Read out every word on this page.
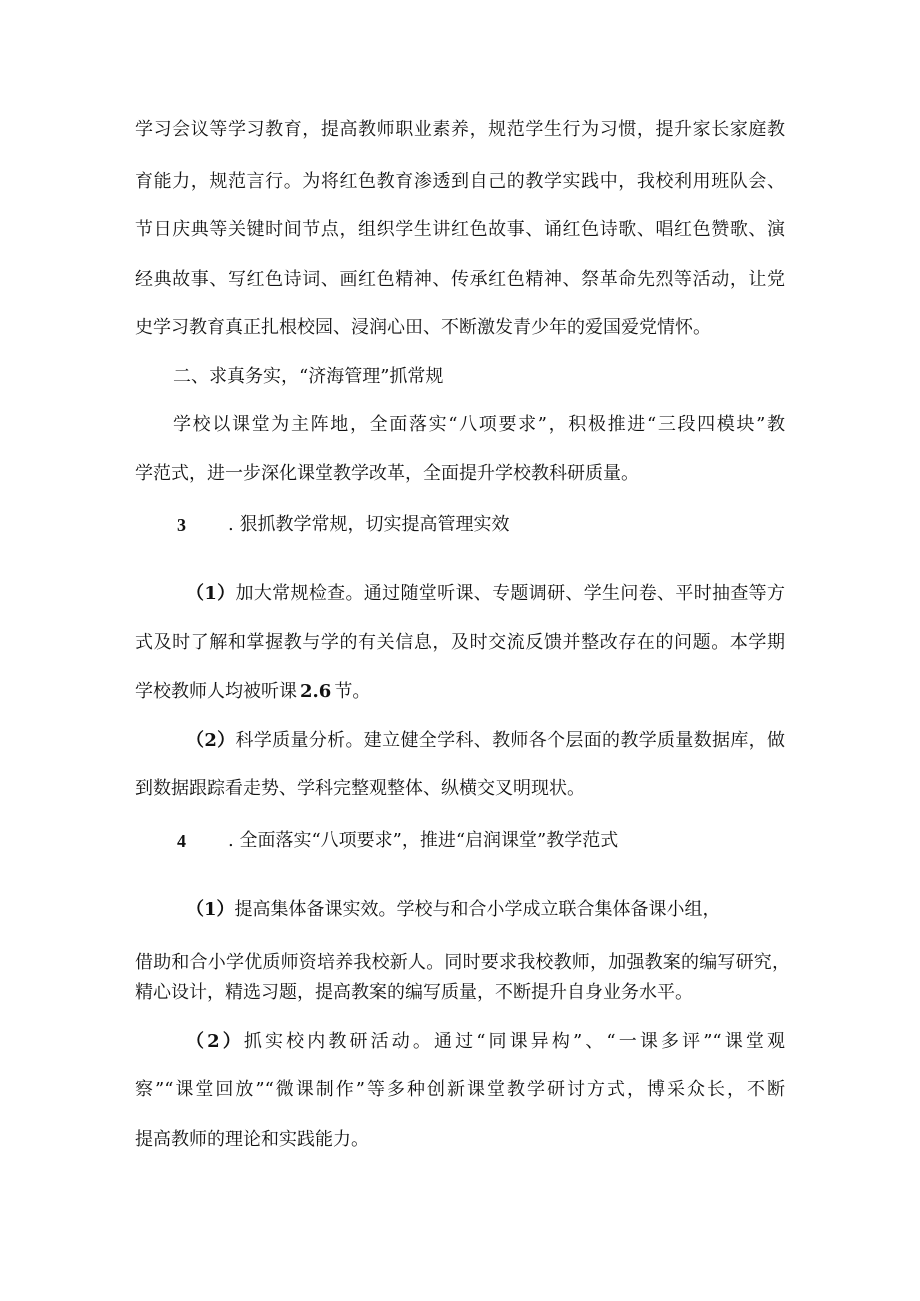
学习会议等学习教育，提高教师职业素养，规范学生行为习惯，提升家长家庭教
育能力，规范言行。为将红色教育渗透到自己的教学实践中，我校利用班队会、
节日庆典等关键时间节点，组织学生讲红色故事、诵红色诗歌、唱红色赞歌、演
经典故事、写红色诗词、画红色精神、传承红色精神、祭革命先烈等活动，让党
史学习教育真正扎根校园、浸润心田、不断激发青少年的爱国爱党情怀。
二、求真务实，“济海管理”抓常规
学校以课堂为主阵地，全面落实“八项要求”，积极推进“三段四模块”教
学范式，进一步深化课堂教学改革，全面提升学校教科研质量。
3 . 狠抓教学常规，切实提高管理实效
（1）加大常规检查。通过随堂听课、专题调研、学生问卷、平时抽查等方
式及时了解和掌握教与学的有关信息，及时交流反馈并整改存在的问题。本学期
学校教师人均被听课 2.6 节。
（2）科学质量分析。建立健全学科、教师各个层面的教学质量数据库，做
到数据跟踪看走势、学科完整观整体、纵横交叉明现状。
4 . 全面落实“八项要求”，推进“启润课堂”教学范式
（1）提高集体备课实效。学校与和合小学成立联合集体备课小组，
借助和合小学优质师资培养我校新人。同时要求我校教师，加强教案的编写研究，
精心设计，精选习题，提高教案的编写质量，不断提升自身业务水平。
（2）抓实校内教研活动。通过“同课异构”、“一课多评”“课堂观
察”“课堂回放”“微课制作”等多种创新课堂教学研讨方式，博采众长，不断
提高教师的理论和实践能力。
